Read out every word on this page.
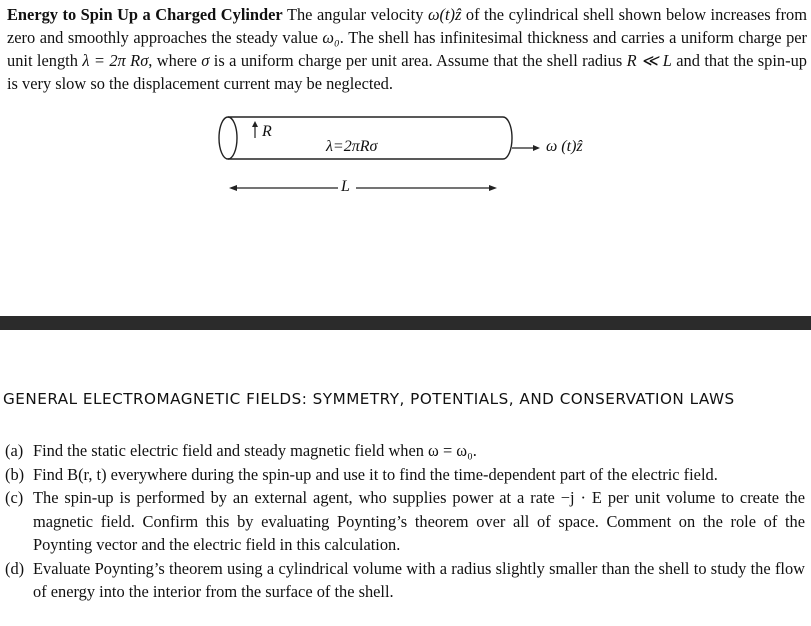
Energy to Spin Up a Charged Cylinder The angular velocity ω(t)ẑ of the cylindrical shell shown below increases from zero and smoothly approaches the steady value ω₀. The shell has infinitesimal thickness and carries a uniform charge per unit length λ = 2π Rσ, where σ is a uniform charge per unit area. Assume that the shell radius R ≪ L and that the spin-up is very slow so the displacement current may be neglected.

R
λ=2πRσ	ω (t)ẑ
L
GENERAL ELECTROMAGNETIC FIELDS: SYMMETRY, POTENTIALS, AND CONSERVATION LAWS
(a) Find the static electric field and steady magnetic field when ω = ω₀.
(b) Find B(r, t) everywhere during the spin-up and use it to find the time-dependent part of the electric field.
(c) The spin-up is performed by an external agent, who supplies power at a rate −j · E per unit volume to create the magnetic field. Confirm this by evaluating Poynting’s theorem over all of space. Comment on the role of the Poynting vector and the electric field in this calculation.
(d) Evaluate Poynting’s theorem using a cylindrical volume with a radius slightly smaller than the shell to study the flow of energy into the interior from the surface of the shell.
